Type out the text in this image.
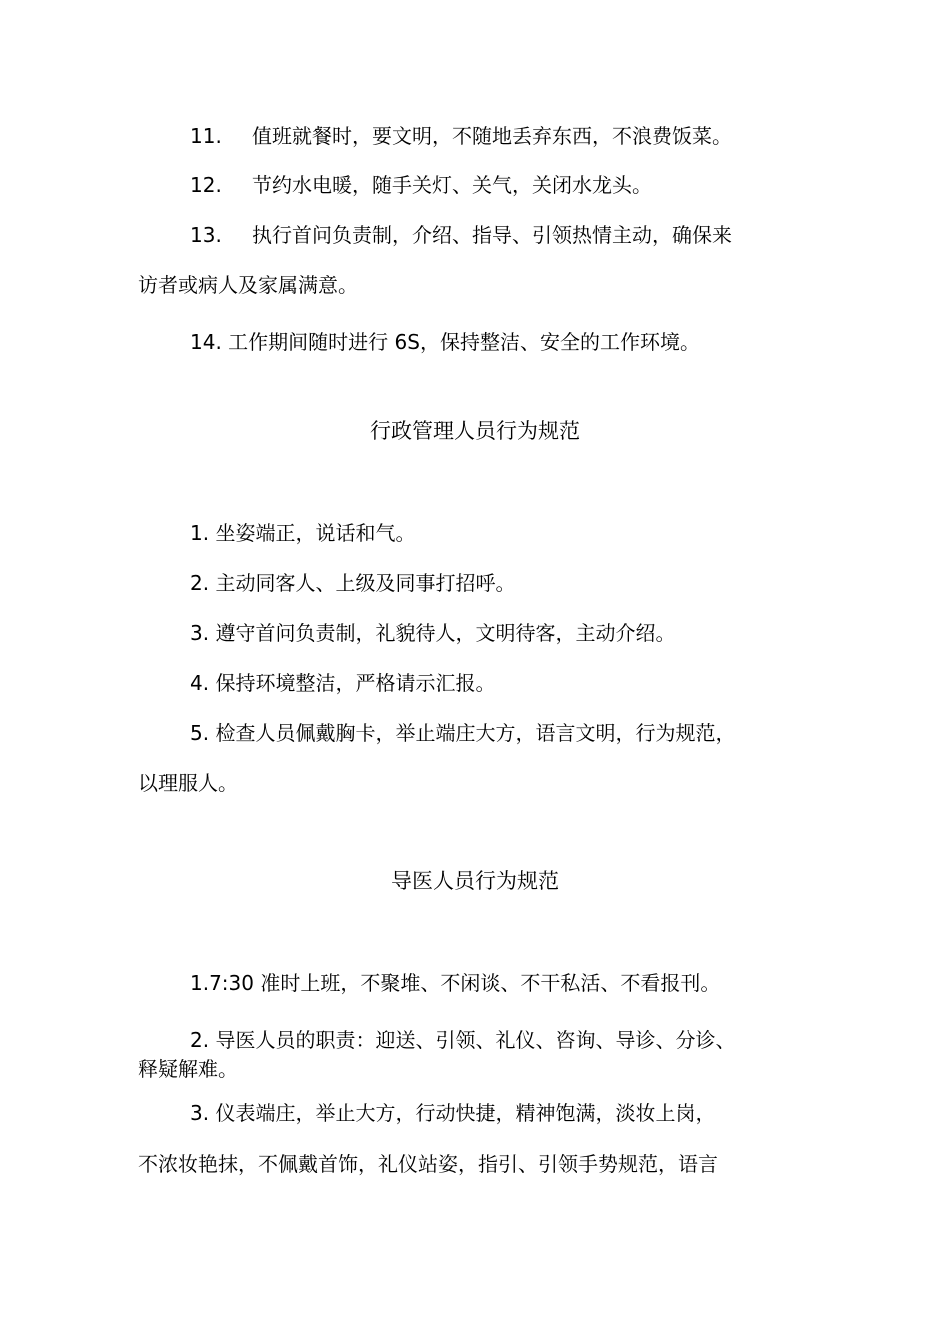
11. 值班就餐时，要文明，不随地丢弃东西，不浪费饭菜。
12. 节约水电暖，随手关灯、关气，关闭水龙头。
13. 执行首问负责制，介绍、指导、引领热情主动，确保来
访者或病人及家属满意。
14. 工作期间随时进行 6S，保持整洁、安全的工作环境。
行政管理人员行为规范
1. 坐姿端正，说话和气。
2. 主动同客人、上级及同事打招呼。
3. 遵守首问负责制，礼貌待人，文明待客，主动介绍。
4. 保持环境整洁，严格请示汇报。
5. 检查人员佩戴胸卡，举止端庄大方，语言文明，行为规范，
以理服人。
导医人员行为规范
1.7:30 准时上班，不聚堆、不闲谈、不干私活、不看报刊。
2. 导医人员的职责：迎送、引领、礼仪、咨询、导诊、分诊、
释疑解难。
3. 仪表端庄，举止大方，行动快捷，精神饱满，淡妆上岗，
不浓妆艳抹，不佩戴首饰，礼仪站姿，指引、引领手势规范，语言
